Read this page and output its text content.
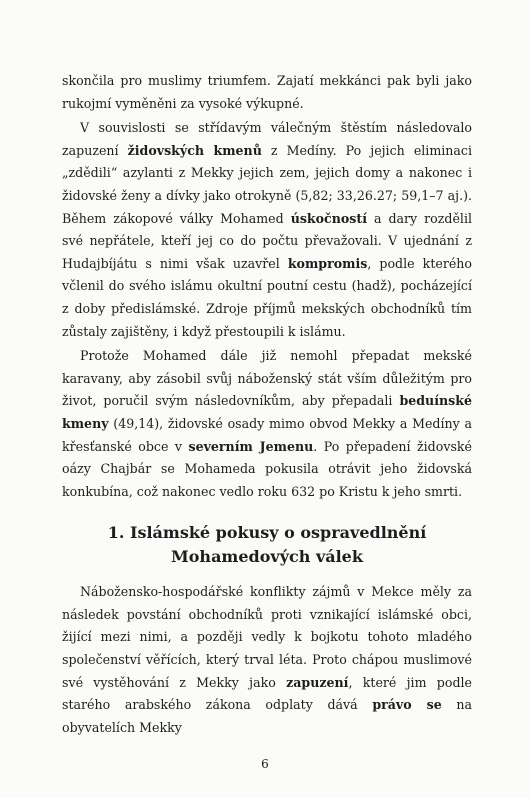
skončila pro muslimy triumfem. Zajatí mekkánci pak byli jako rukojmí vyměněni za vysoké výkupné.

V souvislosti se střídavým válečným štěstím následovalo zapuzení židovských kmenů z Medíny. Po jejich eliminaci „zdědili“ azylanti z Mekky jejich zem, jejich domy a nakonec i židovské ženy a dívky jako otrokyně (5,82; 33,26.27; 59,1–7 aj.). Během zákopové války Mohamed úskočností a dary rozdělil své nepřátele, kteří jej co do počtu převažovali. V ujednání z Hudajbíjátu s nimi však uzavřel kompromis, podle kterého včlenil do svého islámu okultní poutní cestu (hadž), pocházející z doby předislámské. Zdroje příjmů mekských obchodníků tím zůstaly zajištěny, i když přestoupili k islámu.

Protože Mohamed dále již nemohl přepadat mekské karavany, aby zásobil svůj náboženský stát vším důležitým pro život, poručil svým následovníkům, aby přepadali beduínské kmeny (49,14), židovské osady mimo obvod Mekky a Medíny a křesťanské obce v severním Jemenu. Po přepadení židovské oázy Chajbár se Mohameda pokusila otrávit jeho židovská konkubína, což nakonec vedlo roku 632 po Kristu k jeho smrti.

1. Islámské pokusy o ospravedlnění
Mohamedových válek

Nábožensko-hospodářské konflikty zájmů v Mekce měly za následek povstání obchodníků proti vznikající islámské obci, žijící mezi nimi, a později vedly k bojkotu tohoto mladého společenství věřících, který trval léta. Proto chápou muslimové své vystěhování z Mekky jako zapuzení, které jim podle starého arabského zákona odplaty dává právo se na obyvatelích Mekky

6
